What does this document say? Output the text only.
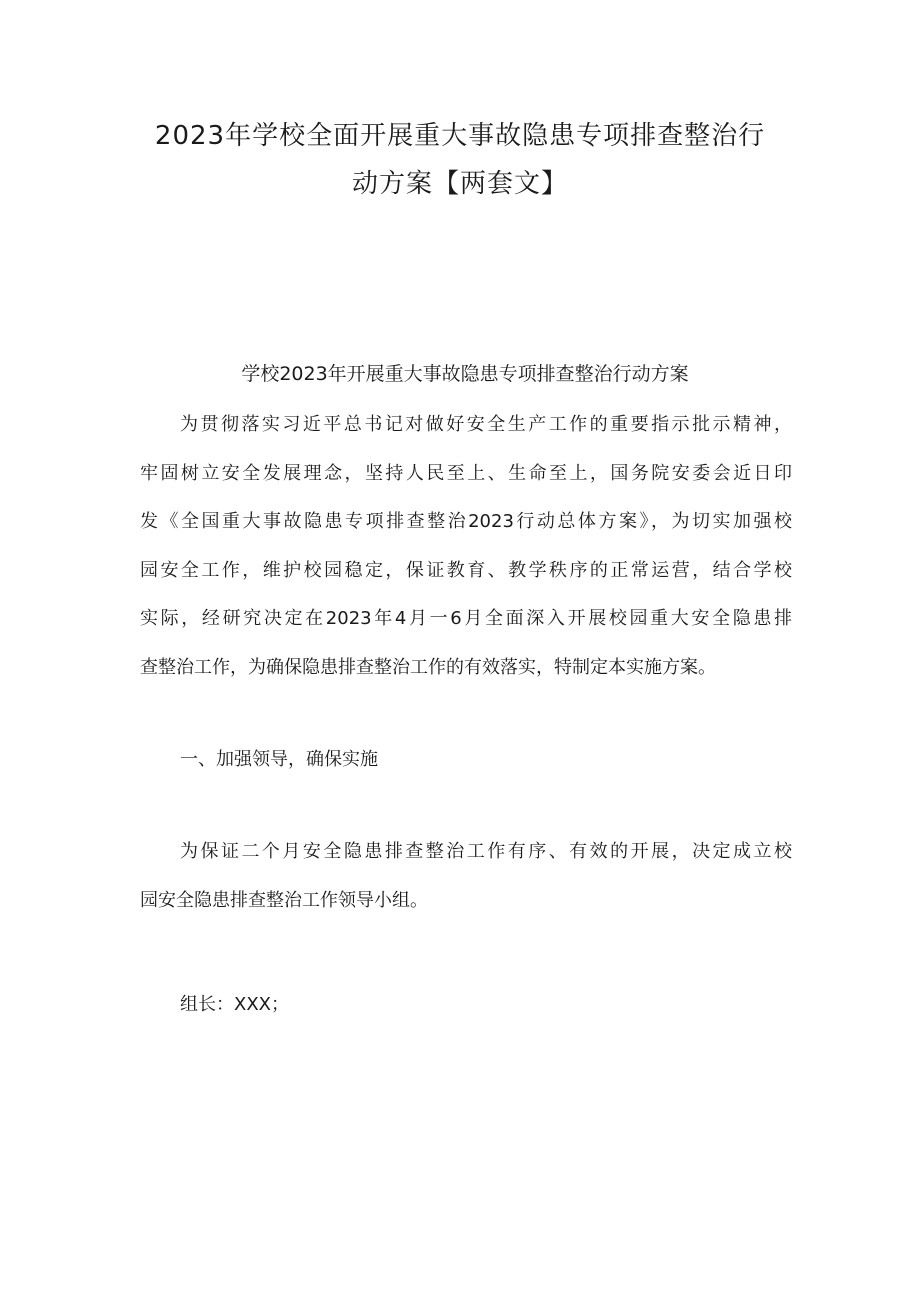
2023年学校全面开展重大事故隐患专项排查整治行
动方案【两套文】

学校2023年开展重大事故隐患专项排查整治行动方案

为贯彻落实习近平总书记对做好安全生产工作的重要指示批示精神，
牢固树立安全发展理念，坚持人民至上、生命至上，国务院安委会近日印
发《全国重大事故隐患专项排查整治2023行动总体方案》，为切实加强校
园安全工作，维护校园稳定，保证教育、教学秩序的正常运营，结合学校
实际，经研究决定在2023年4月一6月全面深入开展校园重大安全隐患排
查整治工作，为确保隐患排查整治工作的有效落实，特制定本实施方案。

一、加强领导，确保实施

为保证二个月安全隐患排查整治工作有序、有效的开展，决定成立校
园安全隐患排查整治工作领导小组。

组长：XXX；
